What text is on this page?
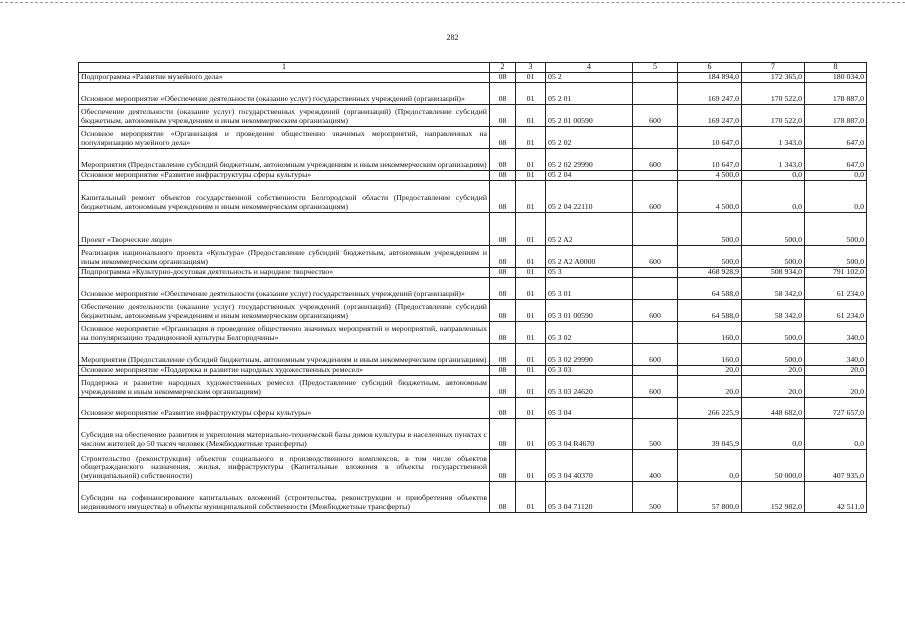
282
1	2	3	4	5	6	7	8
Подпрограмма «Развитие музейного дела»	08	01	05 2		184 894,0	172 365,0	180 034,0
Основное мероприятие «Обеспечение деятельности (оказание услуг) государственных учреждений (организаций)»	08	01	05 2 01		169 247,0	170 522,0	178 887,0
Обеспечение деятельности (оказание услуг) государственных учреждений (организаций) (Предоставление субсидий бюджетным, автономным учреждениям и иным некоммерческим организациям)	08	01	05 2 01 00590	600	169 247,0	170 522,0	178 887,0
Основное мероприятие «Организация и проведение общественно значимых мероприятий, направленных на популяризацию музейного дела»	08	01	05 2 02		10 647,0	1 343,0	647,0
Мероприятия (Предоставление субсидий бюджетным, автономным учреждениям и иным некоммерческим организациям)	08	01	05 2 02 29990	600	10 647,0	1 343,0	647,0
Основное мероприятие «Развитие инфраструктуры сферы культуры»	08	01	05 2 04		4 500,0	0,0	0,0
Капитальный ремонт объектов государственной собственности Белгородской области (Предоставление субсидий бюджетным, автономным учреждениям и иным некоммерческим организациям)	08	01	05 2 04 22110	600	4 500,0	0,0	0,0
Проект «Творческие люди»	08	01	05 2 A2		500,0	500,0	500,0
Реализация национального проекта «Культура» (Предоставление субсидий бюджетным, автономным учреждениям и иным некоммерческим организациям)	08	01	05 2 A2 A0000	600	500,0	500,0	500,0
Подпрограмма «Культурно-досуговая деятельность и народное творчество»	08	01	05 3		468 928,9	508 934,0	791 102,0
Основное мероприятие «Обеспечение деятельности (оказание услуг) государственных учреждений (организаций)»	08	01	05 3 01		64 588,0	58 342,0	61 234,0
Обеспечение деятельности (оказание услуг) государственных учреждений (организаций) (Предоставление субсидий бюджетным, автономным учреждениям и иным некоммерческим организациям)	08	01	05 3 01 00590	600	64 588,0	58 342,0	61 234,0
Основное мероприятие «Организация и проведение общественно значимых мероприятий и мероприятий, направленных на популяризацию традиционной культуры Белгородчины»	08	01	05 3 02		160,0	500,0	340,0
Мероприятия (Предоставление субсидий бюджетным, автономным учреждениям и иным некоммерческим организациям)	08	01	05 3 02 29990	600	160,0	500,0	340,0
Основное мероприятие «Поддержка и развитие народных художественных ремесел»	08	01	05 3 03		20,0	20,0	20,0
Поддержка и развитие народных художественных ремесел (Предоставление субсидий бюджетным, автономным учреждениям и иным некоммерческим организациям)	08	01	05 3 03 24620	600	20,0	20,0	20,0
Основное мероприятие «Развитие инфраструктуры сферы культуры»	08	01	05 3 04		266 225,9	448 682,0	727 657,0
Субсидия на обеспечение развития и укрепления материально-технической базы домов культуры в населенных пунктах с числом жителей до 50 тысяч человек (Межбюджетные трансферты)	08	01	05 3 04 R4670	500	39 045,9	0,0	0,0
Строительство (реконструкция) объектов социального и производственного комплексов, в том числе объектов общегражданского назначения, жилья, инфраструктуры (Капитальные вложения в объекты государственной (муниципальной) собственности)	08	01	05 3 04 40370	400	0,0	50 000,0	407 935,0
Субсидии на софинансирование капитальных вложений (строительства, реконструкции и приобретения объектов недвижимого имущества) в объекты муниципальной собственности (Межбюджетные трансферты)	08	01	05 3 04 71120	500	57 800,0	152 982,0	42 511,0
